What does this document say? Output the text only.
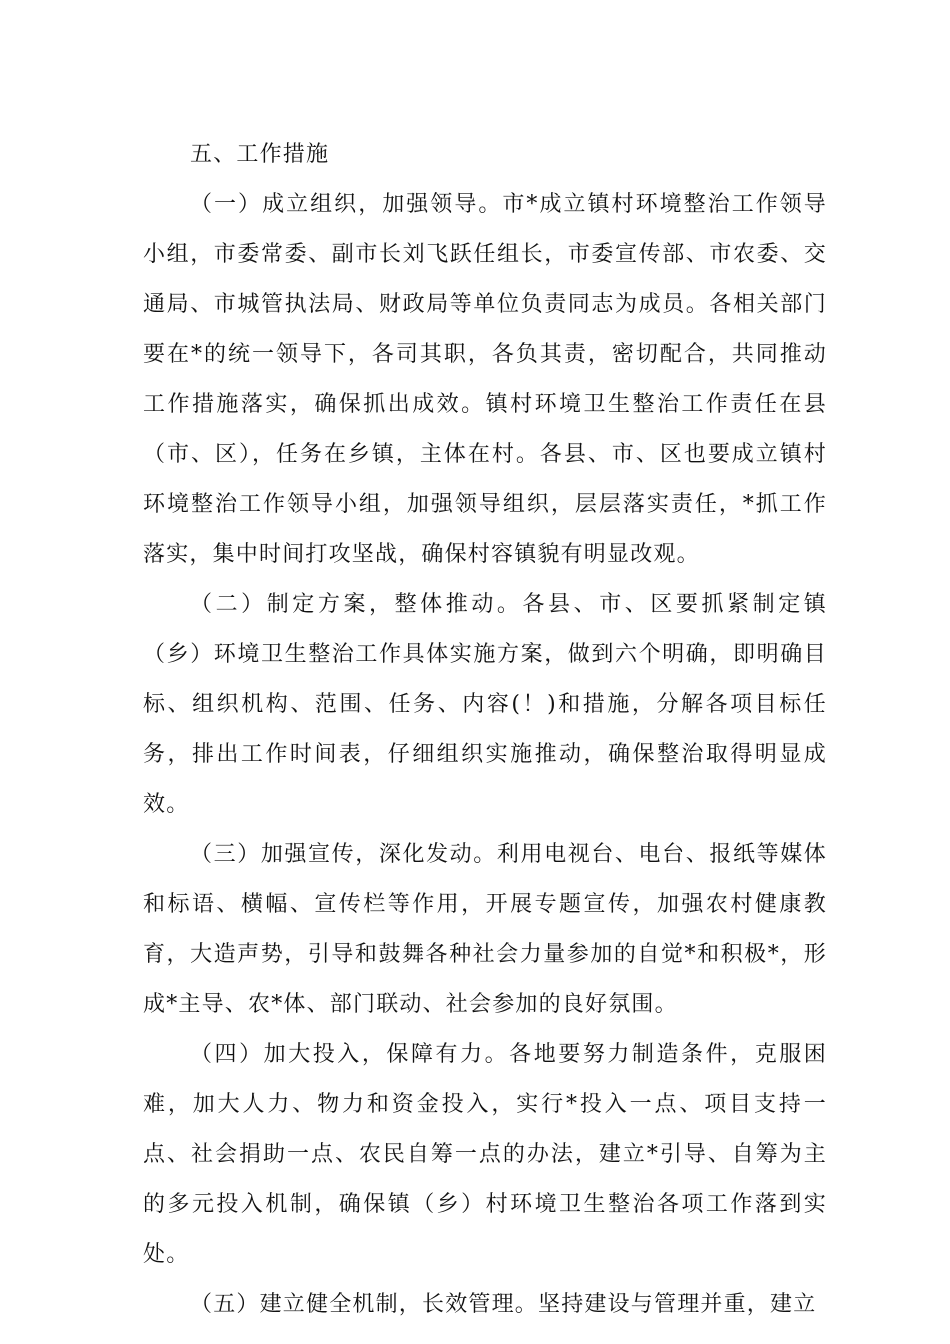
五、工作措施

（一）成立组织，加强领导。市*成立镇村环境整治工作领导小组，市委常委、副市长刘飞跃任组长，市委宣传部、市农委、交通局、市城管执法局、财政局等单位负责同志为成员。各相关部门要在*的统一领导下，各司其职，各负其责，密切配合，共同推动工作措施落实，确保抓出成效。镇村环境卫生整治工作责任在县（市、区），任务在乡镇，主体在村。各县、市、区也要成立镇村环境整治工作领导小组，加强领导组织，层层落实责任，*抓工作落实，集中时间打攻坚战，确保村容镇貌有明显改观。

（二）制定方案，整体推动。各县、市、区要抓紧制定镇（乡）环境卫生整治工作具体实施方案，做到六个明确，即明确目标、组织机构、范围、任务、内容(！)和措施，分解各项目标任务，排出工作时间表，仔细组织实施推动，确保整治取得明显成效。

（三）加强宣传，深化发动。利用电视台、电台、报纸等媒体和标语、横幅、宣传栏等作用，开展专题宣传，加强农村健康教育，大造声势，引导和鼓舞各种社会力量参加的自觉*和积极*，形成*主导、农*体、部门联动、社会参加的良好氛围。

（四）加大投入，保障有力。各地要努力制造条件，克服困难，加大人力、物力和资金投入，实行*投入一点、项目支持一点、社会捐助一点、农民自筹一点的办法，建立*引导、自筹为主的多元投入机制，确保镇（乡）村环境卫生整治各项工作落到实处。

（五）建立健全机制，长效管理。坚持建设与管理并重，建立
